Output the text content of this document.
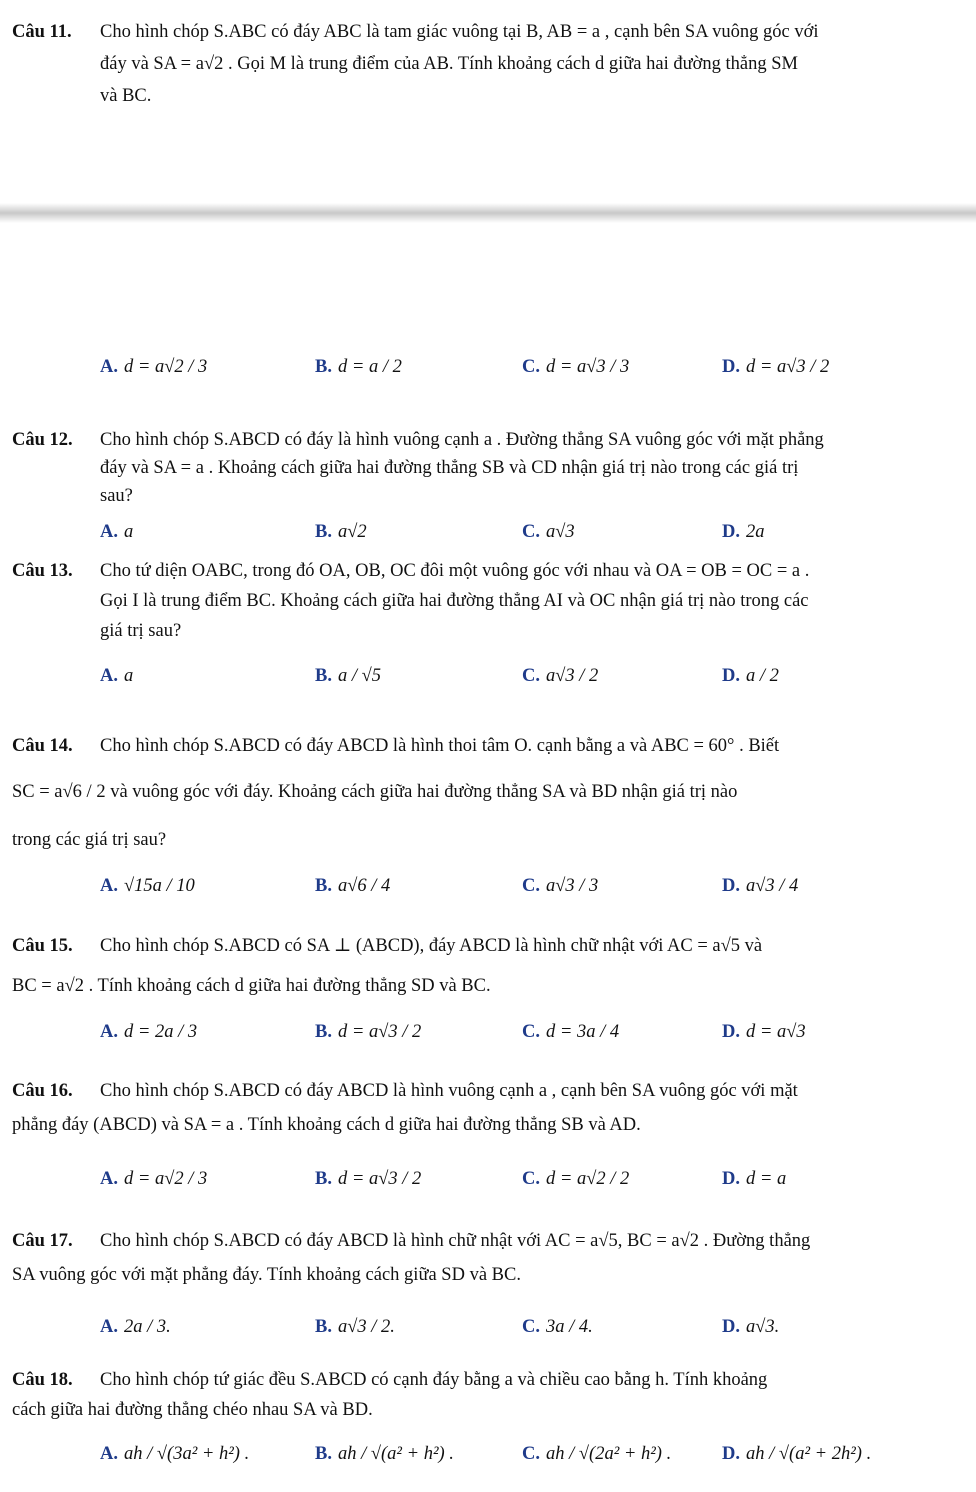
Câu 11. Cho hình chóp S.ABC có đáy ABC là tam giác vuông tại B, AB = a , cạnh bên SA vuông góc với
đáy và SA = a√2 . Gọi M là trung điểm của AB. Tính khoảng cách d giữa hai đường thẳng SM
và BC.
A. d = a√2 / 3	B. d = a / 2	C. d = a√3 / 3	D. d = a√3 / 2
Câu 12. Cho hình chóp S.ABCD có đáy là hình vuông cạnh a . Đường thẳng SA vuông góc với mặt phẳng
đáy và SA = a . Khoảng cách giữa hai đường thẳng SB và CD nhận giá trị nào trong các giá trị
sau?
A. a	B. a√2	C. a√3	D. 2a
Câu 13. Cho tứ diện OABC, trong đó OA, OB, OC đôi một vuông góc với nhau và OA = OB = OC = a .
Gọi I là trung điểm BC. Khoảng cách giữa hai đường thẳng AI và OC nhận giá trị nào trong các
giá trị sau?
A. a	B. a / √5	C. a√3 / 2	D. a / 2
Câu 14. Cho hình chóp S.ABCD có đáy ABCD là hình thoi tâm O. cạnh bằng a và ABC = 60° . Biết
SC = a√6 / 2 và vuông góc với đáy. Khoảng cách giữa hai đường thẳng SA và BD nhận giá trị nào
trong các giá trị sau?
A. √15a / 10	B. a√6 / 4	C. a√3 / 3	D. a√3 / 4
Câu 15. Cho hình chóp S.ABCD có SA ⊥ (ABCD), đáy ABCD là hình chữ nhật với AC = a√5 và
BC = a√2 . Tính khoảng cách d giữa hai đường thẳng SD và BC.
A. d = 2a / 3	B. d = a√3 / 2	C. d = 3a / 4	D. d = a√3
Câu 16. Cho hình chóp S.ABCD có đáy ABCD là hình vuông cạnh a , cạnh bên SA vuông góc với mặt
phẳng đáy (ABCD) và SA = a . Tính khoảng cách d giữa hai đường thẳng SB và AD.
A. d = a√2 / 3	B. d = a√3 / 2	C. d = a√2 / 2	D. d = a
Câu 17. Cho hình chóp S.ABCD có đáy ABCD là hình chữ nhật với AC = a√5, BC = a√2 . Đường thẳng
SA vuông góc với mặt phẳng đáy. Tính khoảng cách giữa SD và BC.
A. 2a / 3.	B. a√3 / 2.	C. 3a / 4.	D. a√3.
Câu 18. Cho hình chóp tứ giác đều S.ABCD có cạnh đáy bằng a và chiều cao bằng h. Tính khoảng
cách giữa hai đường thẳng chéo nhau SA và BD.
A. ah / √(3a² + h²) .	B. ah / √(a² + h²) .	C. ah / √(2a² + h²) .	D. ah / √(a² + 2h²) .
